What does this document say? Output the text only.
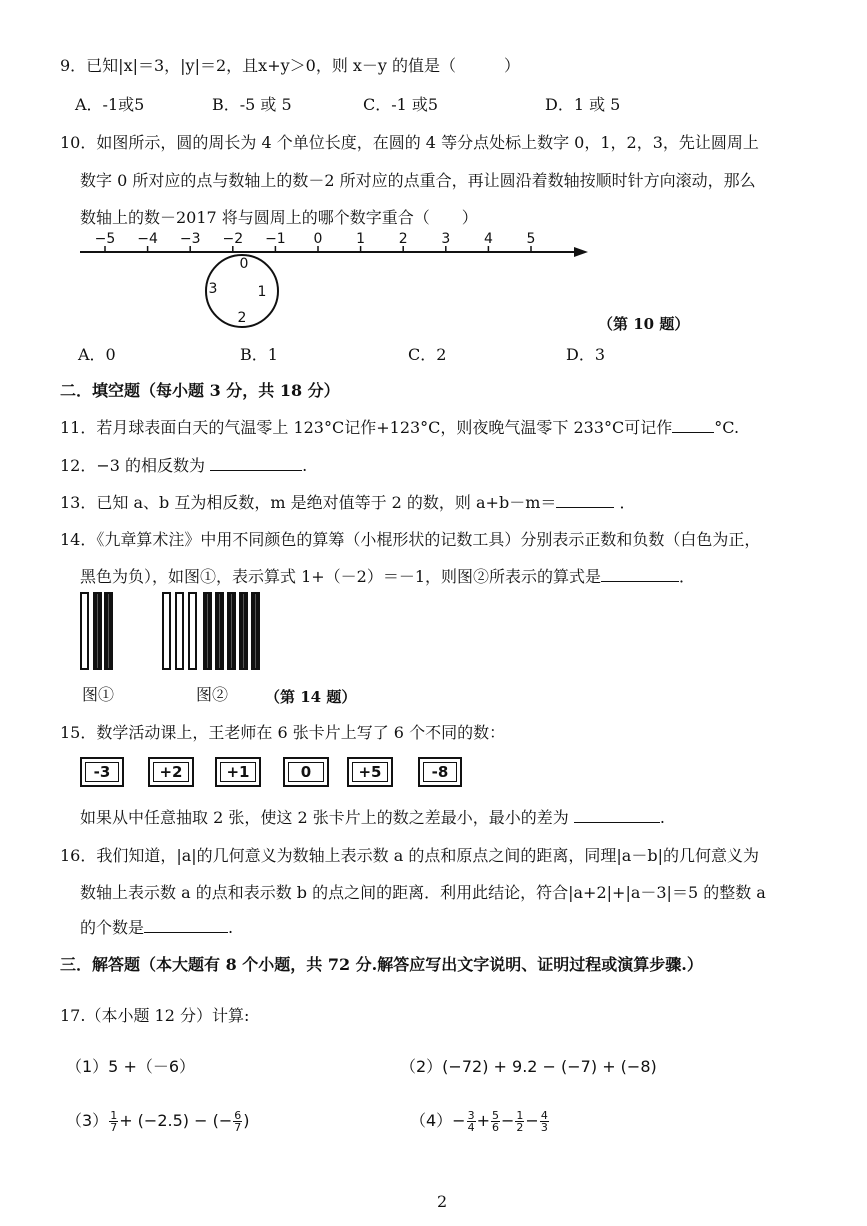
9．已知|x|＝3，|y|＝2，且x+y＞0，则 x－y 的值是（　　　）
A．-1或5	B．-5 或 5	C．-1 或5	D．1 或 5
10．如图所示，圆的周长为 4 个单位长度，在圆的 4 等分点处标上数字 0，1，2，3，先让圆周上
数字 0 所对应的点与数轴上的数－2 所对应的点重合，再让圆沿着数轴按顺时针方向滚动，那么
数轴上的数－2017 将与圆周上的哪个数字重合（　　）
−5 −4 −3 −2 −1 0 1 2 3 4 5
0
1
2
3
（第 10 题）
A．0	B．1	C．2	D．3
二．填空题（每小题 3 分，共 18 分）
11．若月球表面白天的气温零上 123°C记作+123°C，则夜晚气温零下 233°C可记作	°C.
12．−3 的相反数为	.
13．已知 a、b 互为相反数，m 是绝对值等于 2 的数，则 a+b－m＝	．
14．《九章算术注》中用不同颜色的算筹（小棍形状的记数工具）分别表示正数和负数（白色为正，
黑色为负），如图①，表示算式 1+（－2）＝－1，则图②所表示的算式是	．
图①	图② （第 14 题）
15．数学活动课上，王老师在 6 张卡片上写了 6 个不同的数：
-3	+2	+1	0	+5	-8
如果从中任意抽取 2 张，使这 2 张卡片上的数之差最小，最小的差为	.
16．我们知道，|a|的几何意义为数轴上表示数 a 的点和原点之间的距离，同理|a－b|的几何意义为
数轴上表示数 a 的点和表示数 b 的点之间的距离．利用此结论，符合|a+2|+|a－3|＝5 的整数 a
的个数是	.
三．解答题（本大题有 8 个小题，共 72 分.解答应写出文字说明、证明过程或演算步骤.）
17.（本小题 12 分）计算:
（1）5 +（－6）	（2）(−72) + 9.2 − (−7) + (−8)
$(3) \frac{1}{7} + (-2.5)$ − (− $\frac{6}{7}$ )	$(4)- \frac{3}{4} + \frac{5}{6} - \frac{1}{2} - \frac{4}{3}$
2
